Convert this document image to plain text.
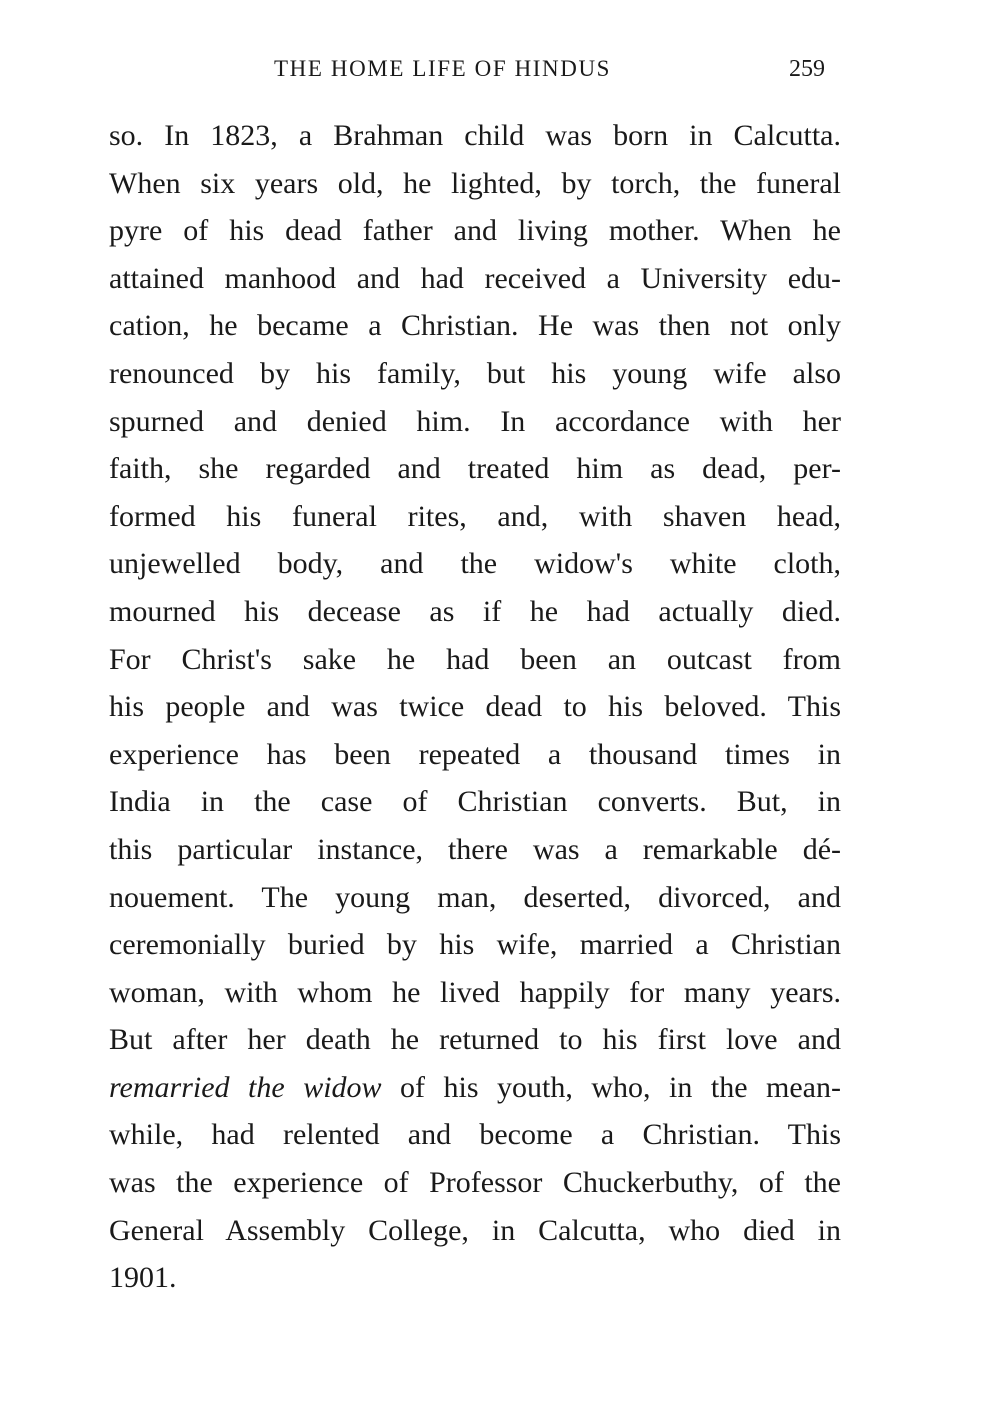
THE HOME LIFE OF HINDUS	259
so. In 1823, a Brahman child was born in Calcutta.
When six years old, he lighted, by torch, the funeral
pyre of his dead father and living mother. When he
attained manhood and had received a University edu-
cation, he became a Christian. He was then not only
renounced by his family, but his young wife also
spurned and denied him. In accordance with her
faith, she regarded and treated him as dead, per-
formed his funeral rites, and, with shaven head,
unjewelled body, and the widow's white cloth,
mourned his decease as if he had actually died.
For Christ's sake he had been an outcast from
his people and was twice dead to his beloved. This
experience has been repeated a thousand times in
India in the case of Christian converts. But, in
this particular instance, there was a remarkable dé-
nouement. The young man, deserted, divorced, and
ceremonially buried by his wife, married a Christian
woman, with whom he lived happily for many years.
But after her death he returned to his first love and
remarried the widow of his youth, who, in the mean-
while, had relented and become a Christian. This
was the experience of Professor Chuckerbuthy, of the
General Assembly College, in Calcutta, who died in
1901.
